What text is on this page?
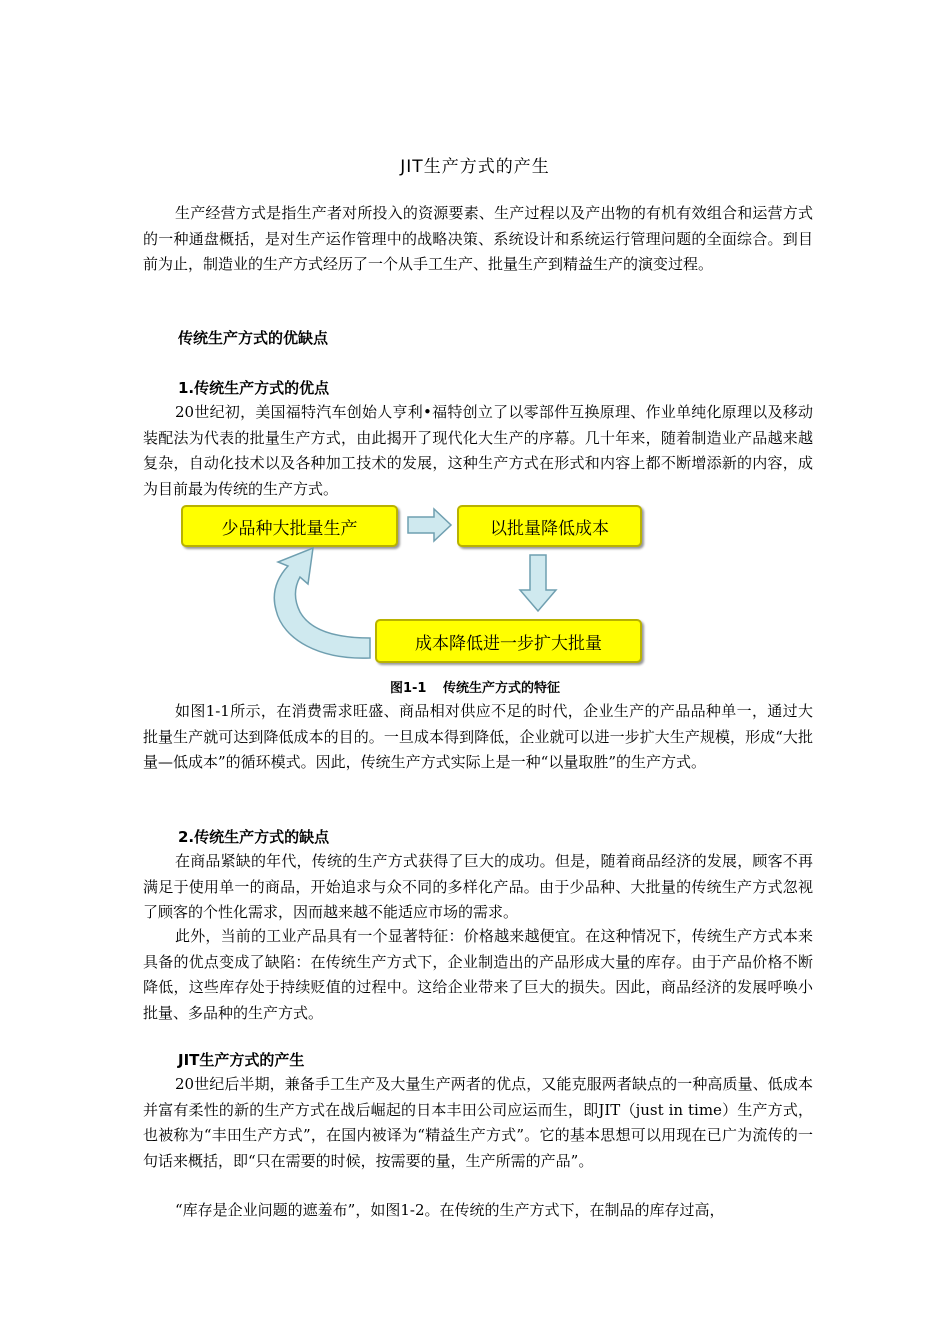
JIT生产方式的产生

生产经营方式是指生产者对所投入的资源要素、生产过程以及产出物的有机有效组合和运营方式的一种通盘概括，是对生产运作管理中的战略决策、系统设计和系统运行管理问题的全面综合。到目前为止，制造业的生产方式经历了一个从手工生产、批量生产到精益生产的演变过程。

传统生产方式的优缺点
1.传统生产方式的优点

20世纪初，美国福特汽车创始人亨利•福特创立了以零部件互换原理、作业单纯化原理以及移动装配法为代表的批量生产方式，由此揭开了现代化大生产的序幕。几十年来，随着制造业产品越来越复杂，自动化技术以及各种加工技术的发展，这种生产方式在形式和内容上都不断增添新的内容，成为目前最为传统的生产方式。

少品种大批量生产	以批量降低成本
成本降低进一步扩大批量
图1-1 传统生产方式的特征

如图1-1所示，在消费需求旺盛、商品相对供应不足的时代，企业生产的产品品种单一，通过大批量生产就可达到降低成本的目的。一旦成本得到降低，企业就可以进一步扩大生产规模，形成“大批量—低成本”的循环模式。因此，传统生产方式实际上是一种“以量取胜”的生产方式。

2.传统生产方式的缺点

在商品紧缺的年代，传统的生产方式获得了巨大的成功。但是，随着商品经济的发展，顾客不再满足于使用单一的商品，开始追求与众不同的多样化产品。由于少品种、大批量的传统生产方式忽视了顾客的个性化需求，因而越来越不能适应市场的需求。

此外，当前的工业产品具有一个显著特征：价格越来越便宜。在这种情况下，传统生产方式本来具备的优点变成了缺陷：在传统生产方式下，企业制造出的产品形成大量的库存。由于产品价格不断降低，这些库存处于持续贬值的过程中。这给企业带来了巨大的损失。因此，商品经济的发展呼唤小批量、多品种的生产方式。

JIT生产方式的产生

20世纪后半期，兼备手工生产及大量生产两者的优点，又能克服两者缺点的一种高质量、低成本并富有柔性的新的生产方式在战后崛起的日本丰田公司应运而生，即JIT（just in time）生产方式，也被称为“丰田生产方式”，在国内被译为“精益生产方式”。它的基本思想可以用现在已广为流传的一句话来概括，即“只在需要的时候，按需要的量，生产所需的产品”。

“库存是企业问题的遮羞布”，如图1-2。在传统的生产方式下，在制品的库存过高，
